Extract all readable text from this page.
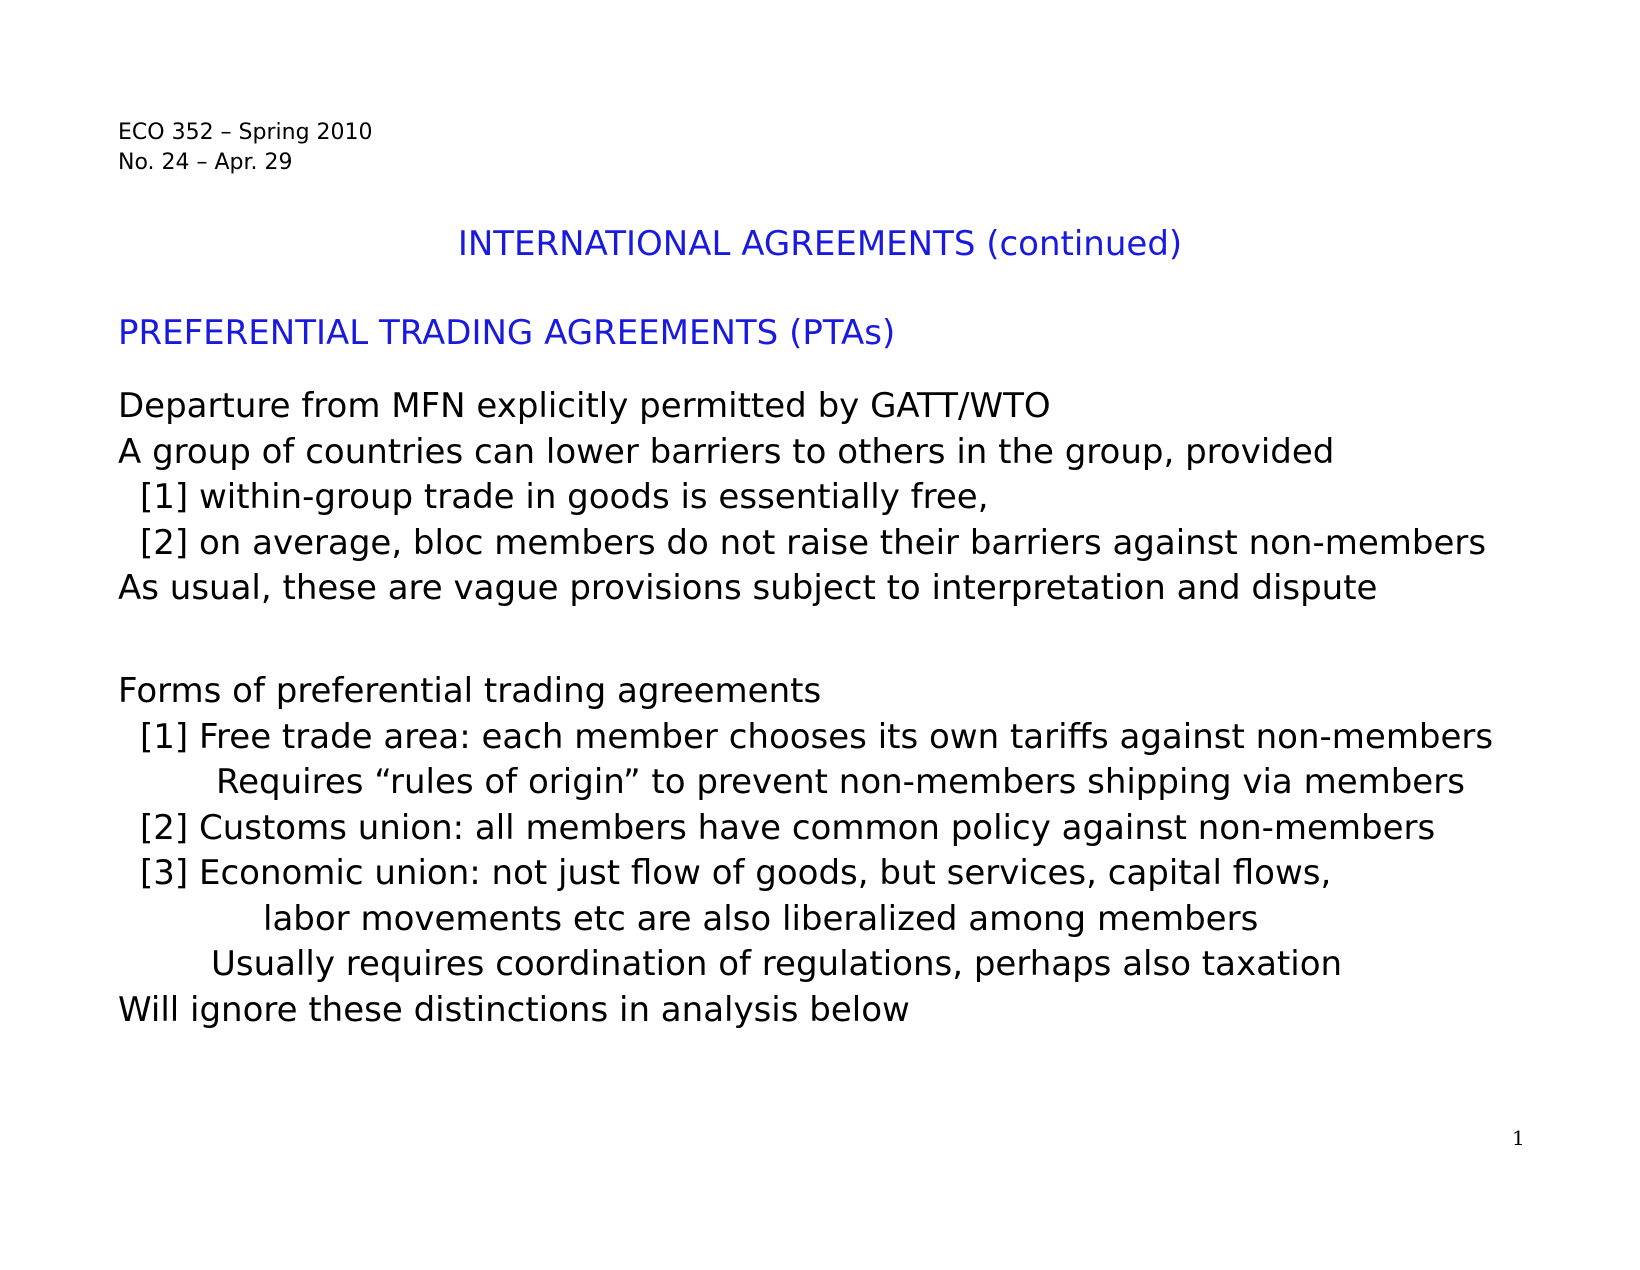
ECO 352 – Spring 2010
No. 24 – Apr. 29
INTERNATIONAL AGREEMENTS (continued)
PREFERENTIAL TRADING AGREEMENTS (PTAs)
Departure from MFN explicitly permitted by GATT/WTO
A group of countries can lower barriers to others in the group, provided
[1] within-group trade in goods is essentially free,
[2] on average, bloc members do not raise their barriers against non-members
As usual, these are vague provisions subject to interpretation and dispute
Forms of preferential trading agreements
[1] Free trade area: each member chooses its own tariffs against non-members
Requires “rules of origin” to prevent non-members shipping via members
[2] Customs union: all members have common policy against non-members
[3] Economic union: not just flow of goods, but services, capital flows,
labor movements etc are also liberalized among members
Usually requires coordination of regulations, perhaps also taxation
Will ignore these distinctions in analysis below
1
